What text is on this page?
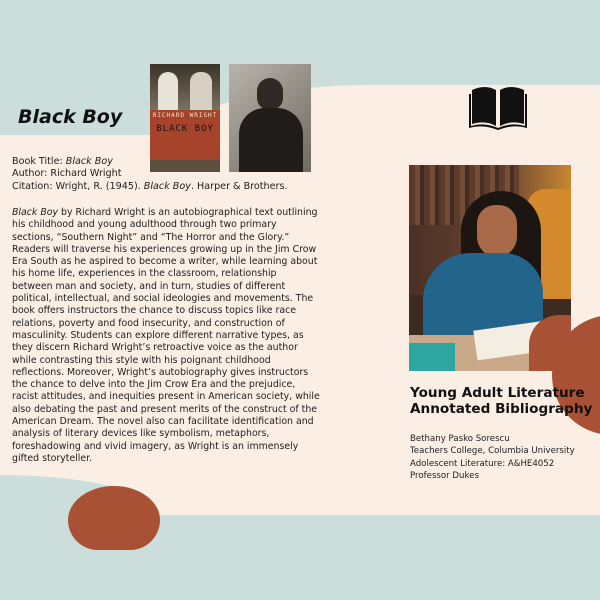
RICHARD WRIGHT
BLACK BOY
Black Boy
Book Title: Black Boy
Author: Richard Wright
Citation: Wright, R. (1945). Black Boy. Harper & Brothers.
Black Boy by Richard Wright is an autobiographical text outlining his childhood and young adulthood through two primary sections, “Southern Night” and “The Horror and the Glory.” Readers will traverse his experiences growing up in the Jim Crow Era South as he aspired to become a writer, while learning about his home life, experiences in the classroom, relationship between man and society, and in turn, studies of different political, intellectual, and social ideologies and movements. The book offers instructors the chance to discuss topics like race relations, poverty and food insecurity, and construction of masculinity. Students can explore different narrative types, as they discern Richard Wright’s retroactive voice as the author while contrasting this style with his poignant childhood reflections. Moreover, Wright’s autobiography gives instructors the chance to delve into the Jim Crow Era and the prejudice, racist attitudes, and inequities present in American society, while also debating the past and present merits of the construct of the American Dream. The novel also can facilitate identification and analysis of literary devices like symbolism, metaphors, foreshadowing and vivid imagery, as Wright is an immensely gifted storyteller.
Young Adult Literature
Annotated Bibliography
Bethany Pasko Sorescu
Teachers College, Columbia University
Adolescent Literature: A&HE4052
Professor Dukes
